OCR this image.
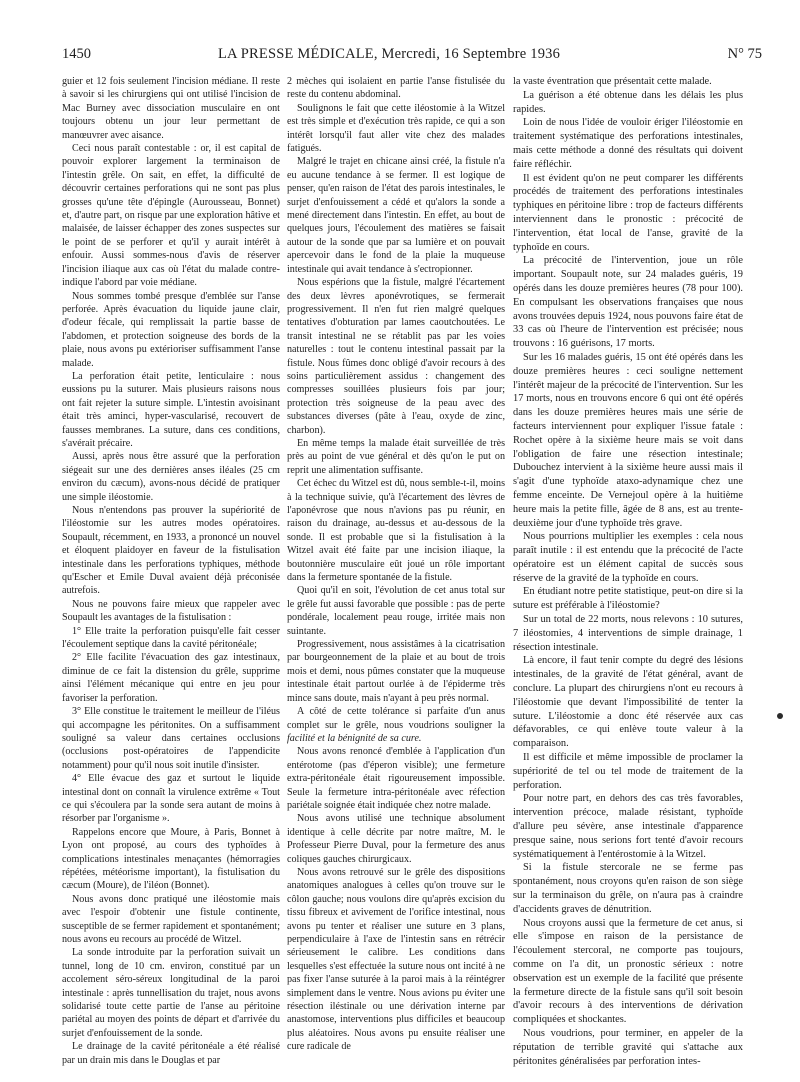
1450	LA PRESSE MÉDICALE, Mercredi, 16 Septembre 1936	N° 75

guier et 12 fois seulement l'incision médiane. Il reste à savoir si les chirurgiens qui ont utilisé l'incision de Mac Burney avec dissociation musculaire en ont toujours obtenu un jour leur permettant de manœuvrer avec aisance.

Ceci nous paraît contestable : or, il est capital de pouvoir explorer largement la terminaison de l'intestin grêle. On sait, en effet, la difficulté de découvrir certaines perforations qui ne sont pas plus grosses qu'une tête d'épingle (Aurousseau, Bonnet) et, d'autre part, on risque par une exploration hâtive et malaisée, de laisser échapper des zones suspectes sur le point de se perforer et qu'il y aurait intérêt à enfouir. Aussi sommes-nous d'avis de réserver l'incision iliaque aux cas où l'état du malade contre-indique l'abord par voie médiane.

Nous sommes tombé presque d'emblée sur l'anse perforée. Après évacuation du liquide jaune clair, d'odeur fécale, qui remplissait la partie basse de l'abdomen, et protection soigneuse des bords de la plaie, nous avons pu extérioriser suffisamment l'anse malade.

La perforation était petite, lenticulaire : nous eussions pu la suturer. Mais plusieurs raisons nous ont fait rejeter la suture simple. L'intestin avoisinant était très aminci, hyper-vascularisé, recouvert de fausses membranes. La suture, dans ces conditions, s'avérait précaire.

Aussi, après nous être assuré que la perforation siégeait sur une des dernières anses iléales (25 cm environ du cæcum), avons-nous décidé de pratiquer une simple iléostomie.

Nous n'entendons pas prouver la supériorité de l'iléostomie sur les autres modes opératoires. Soupault, récemment, en 1933, a prononcé un nouvel et éloquent plaidoyer en faveur de la fistulisation intestinale dans les perforations typhiques, méthode qu'Escher et Emile Duval avaient déjà préconisée autrefois.

Nous ne pouvons faire mieux que rappeler avec Soupault les avantages de la fistulisation :

1° Elle traite la perforation puisqu'elle fait cesser l'écoulement septique dans la cavité péritonéale;

2° Elle facilite l'évacuation des gaz intestinaux, diminue de ce fait la distension du grêle, supprime ainsi l'élément mécanique qui entre en jeu pour favoriser la perforation.

3° Elle constitue le traitement le meilleur de l'iléus qui accompagne les péritonites. On a suffisamment souligné sa valeur dans certaines occlusions (occlusions post-opératoires de l'appendicite notamment) pour qu'il nous soit inutile d'insister.

4° Elle évacue des gaz et surtout le liquide intestinal dont on connaît la virulence extrême « Tout ce qui s'écoulera par la sonde sera autant de moins à résorber par l'organisme ».

Rappelons encore que Moure, à Paris, Bonnet à Lyon ont proposé, au cours des typhoïdes à complications intestinales menaçantes (hémorragies répétées, météorisme important), la fistulisation du cæcum (Moure), de l'iléon (Bonnet).

Nous avons donc pratiqué une iléostomie mais avec l'espoir d'obtenir une fistule continente, susceptible de se fermer rapidement et spontanément; nous avons eu recours au procédé de Witzel.

La sonde introduite par la perforation suivait un tunnel, long de 10 cm. environ, constitué par un accolement séro-séreux longitudinal de la paroi intestinale : après tunnellisation du trajet, nous avons solidarisé toute cette partie de l'anse au péritoine pariétal au moyen des points de départ et d'arrivée du surjet d'enfouissement de la sonde.

Le drainage de la cavité péritonéale a été réalisé par un drain mis dans le Douglas et par

2 mèches qui isolaient en partie l'anse fistulisée du reste du contenu abdominal.

Soulignons le fait que cette iléostomie à la Witzel est très simple et d'exécution très rapide, ce qui a son intérêt lorsqu'il faut aller vite chez des malades fatigués.

Malgré le trajet en chicane ainsi créé, la fistule n'a eu aucune tendance à se fermer. Il est logique de penser, qu'en raison de l'état des parois intestinales, le surjet d'enfouissement a cédé et qu'alors la sonde a mené directement dans l'intestin. En effet, au bout de quelques jours, l'écoulement des matières se faisait autour de la sonde que par sa lumière et on pouvait apercevoir dans le fond de la plaie la muqueuse intestinale qui avait tendance à s'ectropionner.

Nous espérions que la fistule, malgré l'écartement des deux lèvres aponévrotiques, se fermerait progressivement. Il n'en fut rien malgré quelques tentatives d'obturation par lames caoutchoutées. Le transit intestinal ne se rétablit pas par les voies naturelles : tout le contenu intestinal passait par la fistule. Nous fûmes donc obligé d'avoir recours à des soins particulièrement assidus : changement des compresses souillées plusieurs fois par jour; protection très soigneuse de la peau avec des substances diverses (pâte à l'eau, oxyde de zinc, charbon).

En même temps la malade était surveillée de très près au point de vue général et dès qu'on le put on reprit une alimentation suffisante.

Cet échec du Witzel est dû, nous semble-t-il, moins à la technique suivie, qu'à l'écartement des lèvres de l'aponévrose que nous n'avions pas pu réunir, en raison du drainage, au-dessus et au-dessous de la sonde. Il est probable que si la fistulisation à la Witzel avait été faite par une incision iliaque, la boutonnière musculaire eût joué un rôle important dans la fermeture spontanée de la fistule.

Quoi qu'il en soit, l'évolution de cet anus total sur le grêle fut aussi favorable que possible : pas de perte pondérale, localement peau rouge, irritée mais non suintante.

Progressivement, nous assistâmes à la cicatrisation par bourgeonnement de la plaie et au bout de trois mois et demi, nous pûmes constater que la muqueuse intestinale était partout ourlée à de l'épiderme très mince sans doute, mais n'ayant à peu près normal.

A côté de cette tolérance si parfaite d'un anus complet sur le grêle, nous voudrions souligner la facilité et la bénignité de sa cure.

Nous avons renoncé d'emblée à l'application d'un entérotome (pas d'éperon visible); une fermeture extra-péritonéale était rigoureusement impossible. Seule la fermeture intra-péritonéale avec réfection pariétale soignée était indiquée chez notre malade.

Nous avons utilisé une technique absolument identique à celle décrite par notre maître, M. le Professeur Pierre Duval, pour la fermeture des anus coliques gauches chirurgicaux.

Nous avons retrouvé sur le grêle des dispositions anatomiques analogues à celles qu'on trouve sur le côlon gauche; nous voulons dire qu'après excision du tissu fibreux et avivement de l'orifice intestinal, nous avons pu tenter et réaliser une suture en 3 plans, perpendiculaire à l'axe de l'intestin sans en rétrécir sérieusement le calibre. Les conditions dans lesquelles s'est effectuée la suture nous ont incité à ne pas fixer l'anse suturée à la paroi mais à la réintégrer simplement dans le ventre. Nous avions pu éviter une résection iléstinale ou une dérivation interne par anastomose, interventions plus difficiles et beaucoup plus aléatoires. Nous avons pu ensuite réaliser une cure radicale de

la vaste éventration que présentait cette malade.

La guérison a été obtenue dans les délais les plus rapides.

Loin de nous l'idée de vouloir ériger l'iléostomie en traitement systématique des perforations intestinales, mais cette méthode a donné des résultats qui doivent faire réfléchir.

Il est évident qu'on ne peut comparer les différents procédés de traitement des perforations intestinales typhiques en péritoine libre : trop de facteurs différents interviennent dans le pronostic : précocité de l'intervention, état local de l'anse, gravité de la typhoïde en cours.

La précocité de l'intervention, joue un rôle important. Soupault note, sur 24 malades guéris, 19 opérés dans les douze premières heures (78 pour 100). En compulsant les observations françaises que nous avons trouvées depuis 1924, nous pouvons faire état de 33 cas où l'heure de l'intervention est précisée; nous trouvons : 16 guérisons, 17 morts.

Sur les 16 malades guéris, 15 ont été opérés dans les douze premières heures : ceci souligne nettement l'intérêt majeur de la précocité de l'intervention. Sur les 17 morts, nous en trouvons encore 6 qui ont été opérés dans les douze premières heures mais une série de facteurs interviennent pour expliquer l'issue fatale : Rochet opère à la sixième heure mais se voit dans l'obligation de faire une résection intestinale; Dubouchez intervient à la sixième heure aussi mais il s'agit d'une typhoïde ataxo-adynamique chez une femme enceinte. De Vernejoul opère à la huitième heure mais la petite fille, âgée de 8 ans, est au trente-deuxième jour d'une typhoïde très grave.

Nous pourrions multiplier les exemples : cela nous paraît inutile : il est entendu que la précocité de l'acte opératoire est un élément capital de succès sous réserve de la gravité de la typhoïde en cours.

En étudiant notre petite statistique, peut-on dire si la suture est préférable à l'iléostomie?

Sur un total de 22 morts, nous relevons : 10 sutures, 7 iléostomies, 4 interventions de simple drainage, 1 résection intestinale.

Là encore, il faut tenir compte du degré des lésions intestinales, de la gravité de l'état général, avant de conclure. La plupart des chirurgiens n'ont eu recours à l'iléostomie que devant l'impossibilité de tenter la suture. L'iléostomie a donc été réservée aux cas défavorables, ce qui enlève toute valeur à la comparaison.

Il est difficile et même impossible de proclamer la supériorité de tel ou tel mode de traitement de la perforation.

Pour notre part, en dehors des cas très favorables, intervention précoce, malade résistant, typhoïde d'allure peu sévère, anse intestinale d'apparence presque saine, nous serions fort tenté d'avoir recours systématiquement à l'entérostomie à la Witzel.

Si la fistule stercorale ne se ferme pas spontanément, nous croyons qu'en raison de son siège sur la terminaison du grêle, on n'aura pas à craindre d'accidents graves de dénutrition.

Nous croyons aussi que la fermeture de cet anus, si elle s'impose en raison de la persistance de l'écoulement stercoral, ne comporte pas toujours, comme on l'a dit, un pronostic sérieux : notre observation est un exemple de la facilité que présente la fermeture directe de la fistule sans qu'il soit besoin d'avoir recours à des interventions de dérivation compliquées et shockantes.

Nous voudrions, pour terminer, en appeler de la réputation de terrible gravité qui s'attache aux péritonites généralisées par perforation intes-
